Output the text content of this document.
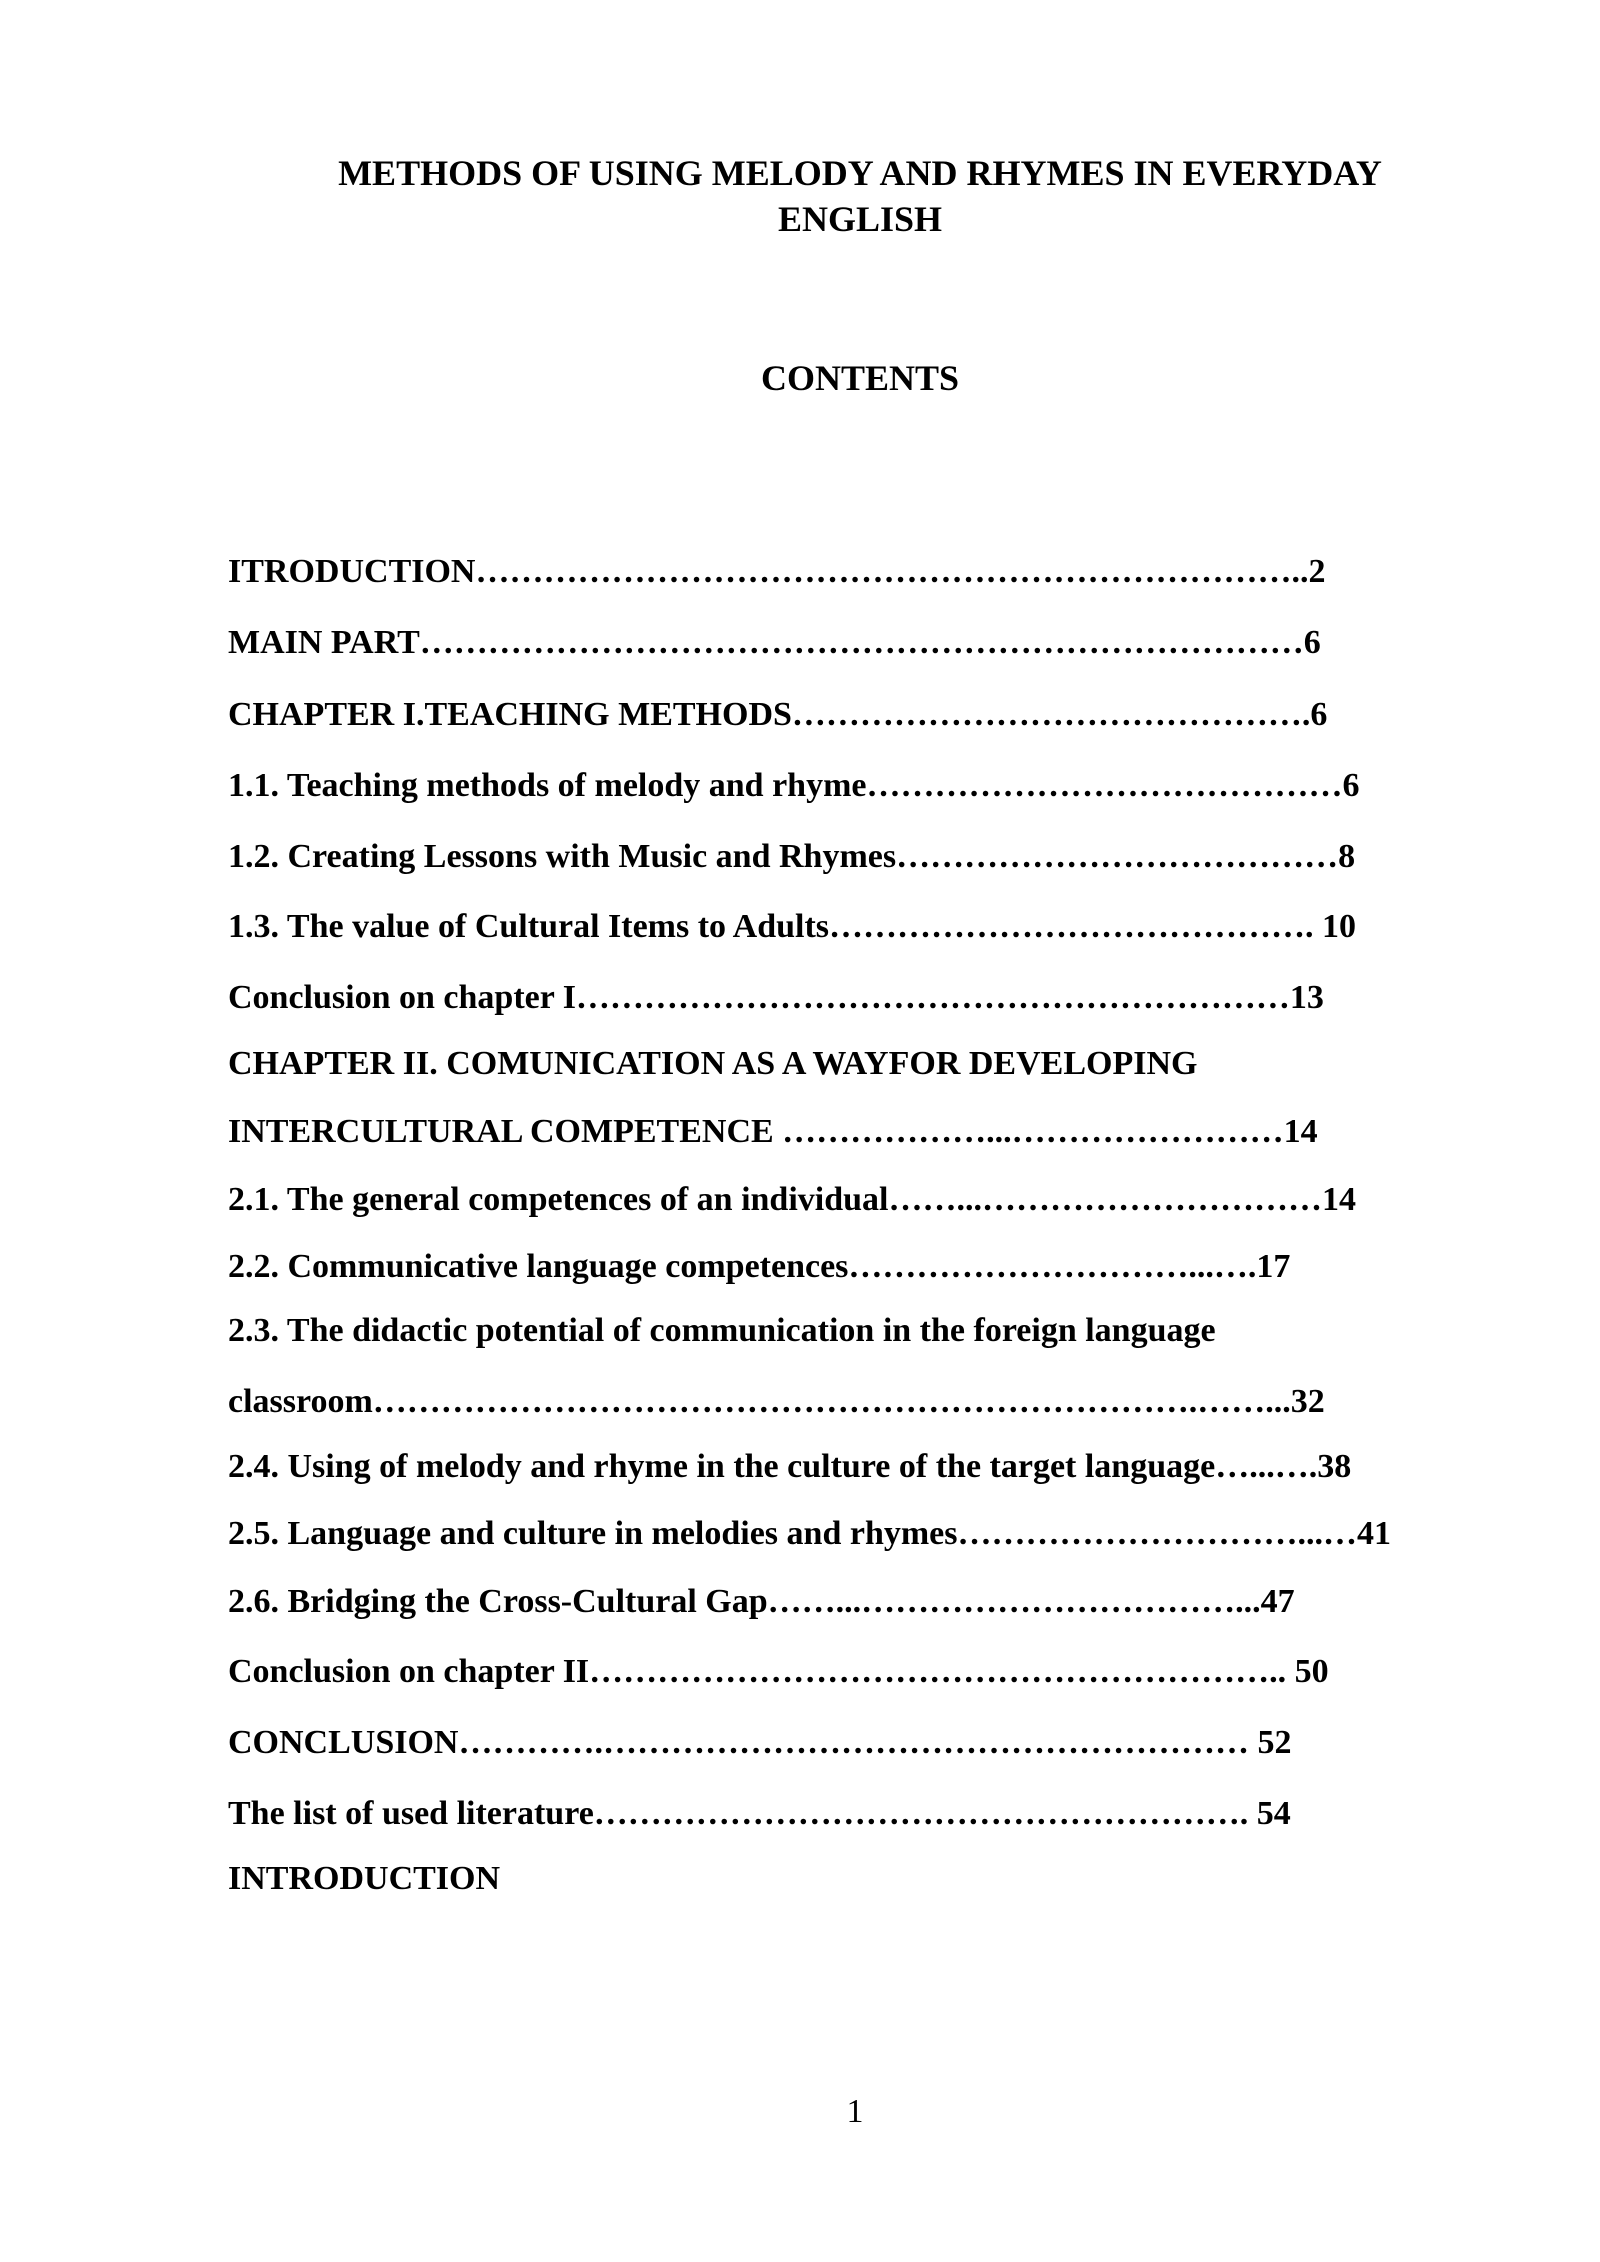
METHODS OF USING MELODY AND RHYMES IN EVERYDAY
ENGLISH
CONTENTS
ITRODUCTION………………………………………………………………..2
MAIN PART……………………………………………………………………6
CHAPTER I.TEACHING METHODS……………………………………….6
1.1. Teaching methods of melody and rhyme……………………………………6
1.2. Creating Lessons with Music and Rhymes…………………………………8
1.3. The value of Cultural Items to Adults……………………………………. 10
Conclusion on chapter I………………………………………………………13
CHAPTER II. COMUNICATION AS A WAYFOR DEVELOPING
INTERCULTURAL COMPETENCE ………………...……………………14
2.1. The general competences of an individual……...…………………………14
2.2. Communicative language competences…………………………...….17
2.3. The didactic potential of communication in the foreign language
classroom……………………………………………………………….……...32
2.4. Using of melody and rhyme in the culture of the target language…...….38
2.5. Language and culture in melodies and rhymes…………………………...…41
2.6. Bridging the Cross-Cultural Gap……...……………………………...47
Conclusion on chapter II…………………………………………………….. 50
CONCLUSION………….………………………………………………… 52
The list of used literature…………………………………………………. 54
INTRODUCTION
1
